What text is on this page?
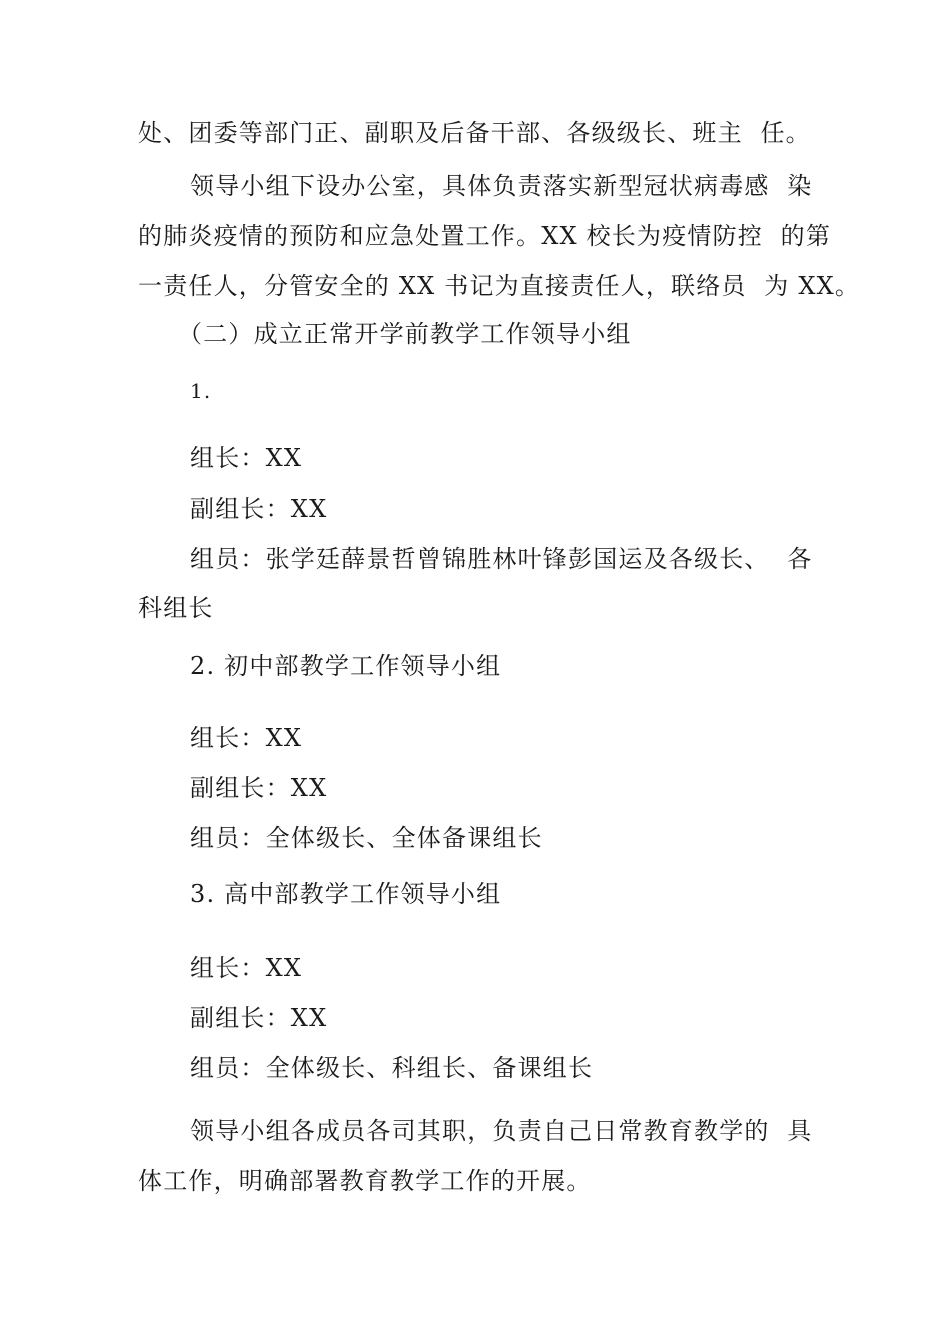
处、团委等部门正、副职及后备干部、各级级长、班主  任。
领导小组下设办公室，具体负责落实新型冠状病毒感  染
的肺炎疫情的预防和应急处置工作。XX 校长为疫情防控  的第
一责任人，分管安全的 XX 书记为直接责任人，联络员  为 XX。
（二）成立正常开学前教学工作领导小组
1.
组长：XX
副组长：XX
组员：张学廷薛景哲曾锦胜林叶锋彭国运及各级长、  各
科组长
2. 初中部教学工作领导小组
组长：XX
副组长：XX
组员：全体级长、全体备课组长
3. 高中部教学工作领导小组
组长：XX
副组长：XX
组员：全体级长、科组长、备课组长
领导小组各成员各司其职，负责自己日常教育教学的  具
体工作，明确部署教育教学工作的开展。
